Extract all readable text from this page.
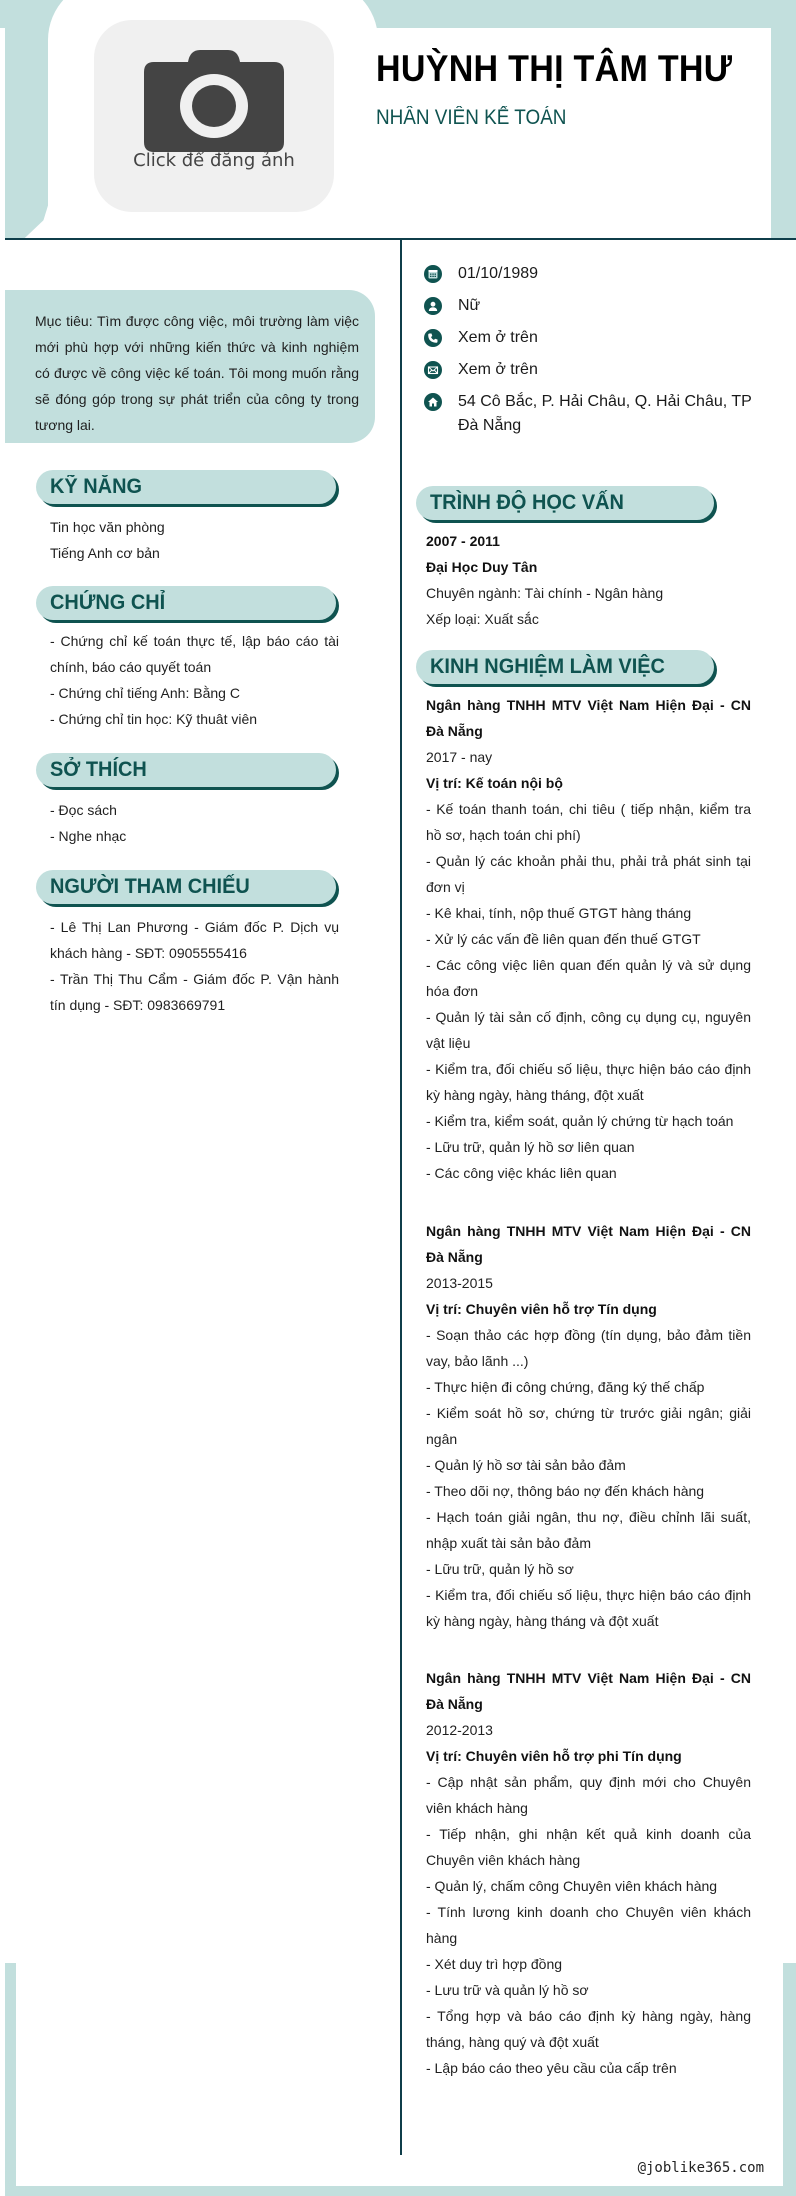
Click để đăng ảnh
HUỲNH THỊ TÂM THƯ
NHÂN VIÊN KẾ TOÁN
01/10/1989
Nữ
Xem ở trên
Xem ở trên
54 Cô Bắc, P. Hải Châu, Q. Hải Châu, TP Đà Nẵng
Mục tiêu: Tìm được công việc, môi trường làm việc mới phù hợp với những kiến thức và kinh nghiệm có được về công việc kế toán. Tôi mong muốn rằng sẽ đóng góp trong sự phát triển của công ty trong tương lai.
KỸ NĂNG

Tin học văn phòng

Tiếng Anh cơ bản

CHỨNG CHỈ

- Chứng chỉ kế toán thực tế, lập báo cáo tài chính, báo cáo quyết toán

- Chứng chỉ tiếng Anh: Bằng C

- Chứng chỉ tin học: Kỹ thuât viên

SỞ THÍCH

- Đọc sách

- Nghe nhạc

NGƯỜI THAM CHIẾU

- Lê Thị Lan Phương - Giám đốc P. Dịch vụ khách hàng - SĐT: 0905555416

- Trần Thị Thu Cẩm - Giám đốc P. Vận hành tín dụng - SĐT: 0983669791

TRÌNH ĐỘ HỌC VẤN

2007 - 2011

Đại Học Duy Tân

Chuyên ngành: Tài chính - Ngân hàng

Xếp loại: Xuất sắc

KINH NGHIỆM LÀM VIỆC

Ngân hàng TNHH MTV Việt Nam Hiện Đại - CN Đà Nẵng

2017 - nay

Vị trí: Kế toán nội bộ

- Kế toán thanh toán, chi tiêu ( tiếp nhận, kiểm tra hồ sơ, hạch toán chi phí)

- Quản lý các khoản phải thu, phải trả phát sinh tại đơn vị

- Kê khai, tính, nộp thuế GTGT hàng tháng

- Xử lý các vấn đề liên quan đến thuế GTGT

- Các công việc liên quan đến quản lý và sử dụng hóa đơn

- Quản lý tài sản cố định, công cụ dụng cụ, nguyên vật liệu

- Kiểm tra, đối chiếu số liệu, thực hiện báo cáo định kỳ hàng ngày, hàng tháng, đột xuất

- Kiểm tra, kiểm soát, quản lý chứng từ hạch toán

- Lữu trữ, quản lý hồ sơ liên quan

- Các công việc khác liên quan

Ngân hàng TNHH MTV Việt Nam Hiện Đại - CN Đà Nẵng

2013-2015

Vị trí: Chuyên viên hỗ trợ Tín dụng

- Soạn thảo các hợp đồng (tín dụng, bảo đảm tiền vay, bảo lãnh ...)

- Thực hiện đi công chứng, đăng ký thế chấp

- Kiểm soát hồ sơ, chứng từ trước giải ngân; giải ngân

- Quản lý hồ sơ tài sản bảo đảm

- Theo dõi nợ, thông báo nợ đến khách hàng

- Hạch toán giải ngân, thu nợ, điều chỉnh lãi suất, nhập xuất tài sản bảo đảm

- Lữu trữ, quản lý hồ sơ

- Kiểm tra, đối chiếu số liệu, thực hiện báo cáo định kỳ hàng ngày, hàng tháng và đột xuất

Ngân hàng TNHH MTV Việt Nam Hiện Đại - CN Đà Nẵng

2012-2013

Vị trí: Chuyên viên hỗ trợ phi Tín dụng

- Cập nhật sản phẩm, quy định mới cho Chuyên viên khách hàng

- Tiếp nhận, ghi nhận kết quả kinh doanh của Chuyên viên khách hàng

- Quản lý, chấm công Chuyên viên khách hàng

- Tính lương kinh doanh cho Chuyên viên khách hàng

- Xét duy trì hợp đồng

- Lưu trữ và quản lý hồ sơ

- Tổng hợp và báo cáo định kỳ hàng ngày, hàng tháng, hàng quý và đột xuất

- Lập báo cáo theo yêu cầu của cấp trên

@joblike365.com
